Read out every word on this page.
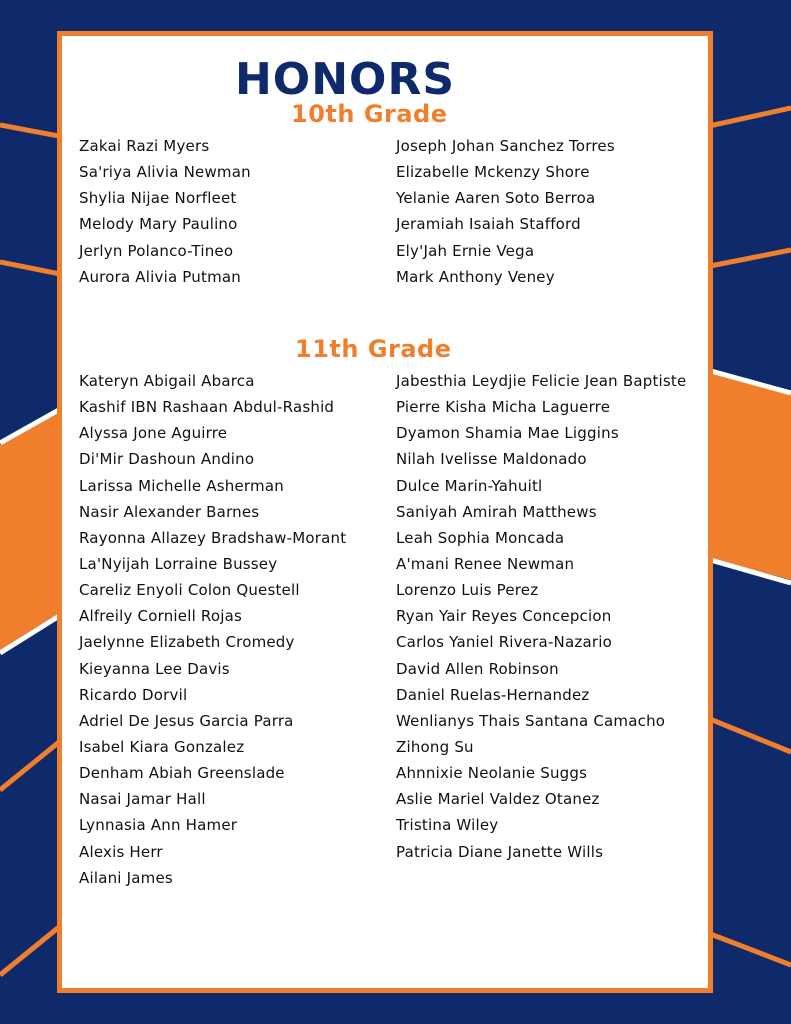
HONORS
10th Grade
Zakai Razi Myers
Sa'riya Alivia Newman
Shylia Nijae Norfleet
Melody Mary Paulino
Jerlyn Polanco-Tineo
Aurora Alivia Putman
Joseph Johan Sanchez Torres
Elizabelle Mckenzy Shore
Yelanie Aaren Soto Berroa
Jeramiah Isaiah Stafford
Ely'Jah Ernie Vega
Mark Anthony Veney
11th Grade
Kateryn Abigail Abarca
Kashif IBN Rashaan Abdul-Rashid
Alyssa Jone Aguirre
Di'Mir Dashoun Andino
Larissa Michelle Asherman
Nasir Alexander Barnes
Rayonna Allazey Bradshaw-Morant
La'Nyijah Lorraine Bussey
Careliz Enyoli Colon Questell
Alfreily Corniell Rojas
Jaelynne Elizabeth Cromedy
Kieyanna Lee Davis
Ricardo Dorvil
Adriel De Jesus Garcia Parra
Isabel Kiara Gonzalez
Denham Abiah Greenslade
Nasai Jamar Hall
Lynnasia Ann Hamer
Alexis Herr
Ailani James
Jabesthia Leydjie Felicie Jean Baptiste
Pierre Kisha Micha Laguerre
Dyamon Shamia Mae Liggins
Nilah Ivelisse Maldonado
Dulce Marin-Yahuitl
Saniyah Amirah Matthews
Leah Sophia Moncada
A'mani Renee Newman
Lorenzo Luis Perez
Ryan Yair Reyes Concepcion
Carlos Yaniel Rivera-Nazario
David Allen Robinson
Daniel Ruelas-Hernandez
Wenlianys Thais Santana Camacho
Zihong Su
Ahnnixie Neolanie Suggs
Aslie Mariel Valdez Otanez
Tristina Wiley
Patricia Diane Janette Wills
